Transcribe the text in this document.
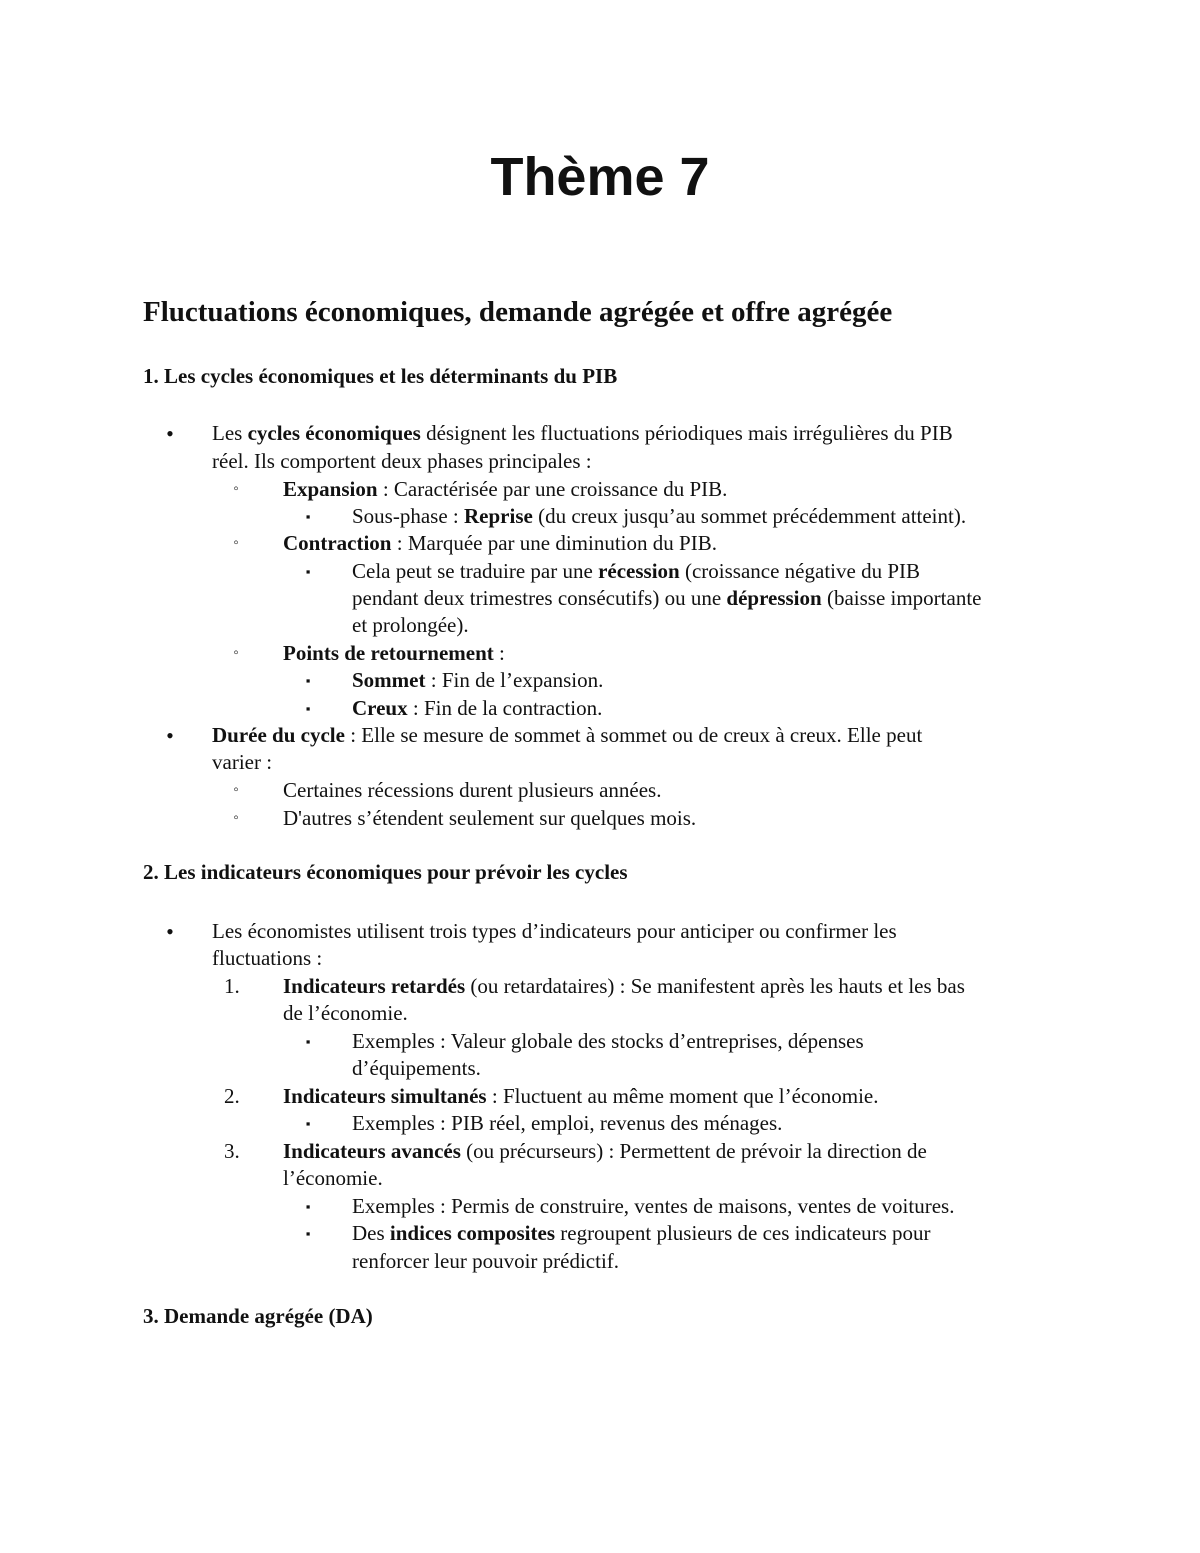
Thème 7
Fluctuations économiques, demande agrégée et offre agrégée
1. Les cycles économiques et les déterminants du PIB
•	Les cycles économiques désignent les fluctuations périodiques mais irrégulières du PIB
réel. Ils comportent deux phases principales :
◦	Expansion : Caractérisée par une croissance du PIB.
▪	Sous-phase : Reprise (du creux jusqu’au sommet précédemment atteint).
◦	Contraction : Marquée par une diminution du PIB.
▪	Cela peut se traduire par une récession (croissance négative du PIB
pendant deux trimestres consécutifs) ou une dépression (baisse importante
et prolongée).
◦	Points de retournement :
▪	Sommet : Fin de l’expansion.
▪	Creux : Fin de la contraction.
•	Durée du cycle : Elle se mesure de sommet à sommet ou de creux à creux. Elle peut
varier :
◦	Certaines récessions durent plusieurs années.
◦	D'autres s’étendent seulement sur quelques mois.
2. Les indicateurs économiques pour prévoir les cycles
•	Les économistes utilisent trois types d’indicateurs pour anticiper ou confirmer les
fluctuations :
1.	Indicateurs retardés (ou retardataires) : Se manifestent après les hauts et les bas
de l’économie.
▪	Exemples : Valeur globale des stocks d’entreprises, dépenses
d’équipements.
2.	Indicateurs simultanés : Fluctuent au même moment que l’économie.
▪	Exemples : PIB réel, emploi, revenus des ménages.
3.	Indicateurs avancés (ou précurseurs) : Permettent de prévoir la direction de
l’économie.
▪	Exemples : Permis de construire, ventes de maisons, ventes de voitures.
▪	Des indices composites regroupent plusieurs de ces indicateurs pour
renforcer leur pouvoir prédictif.
3. Demande agrégée (DA)
